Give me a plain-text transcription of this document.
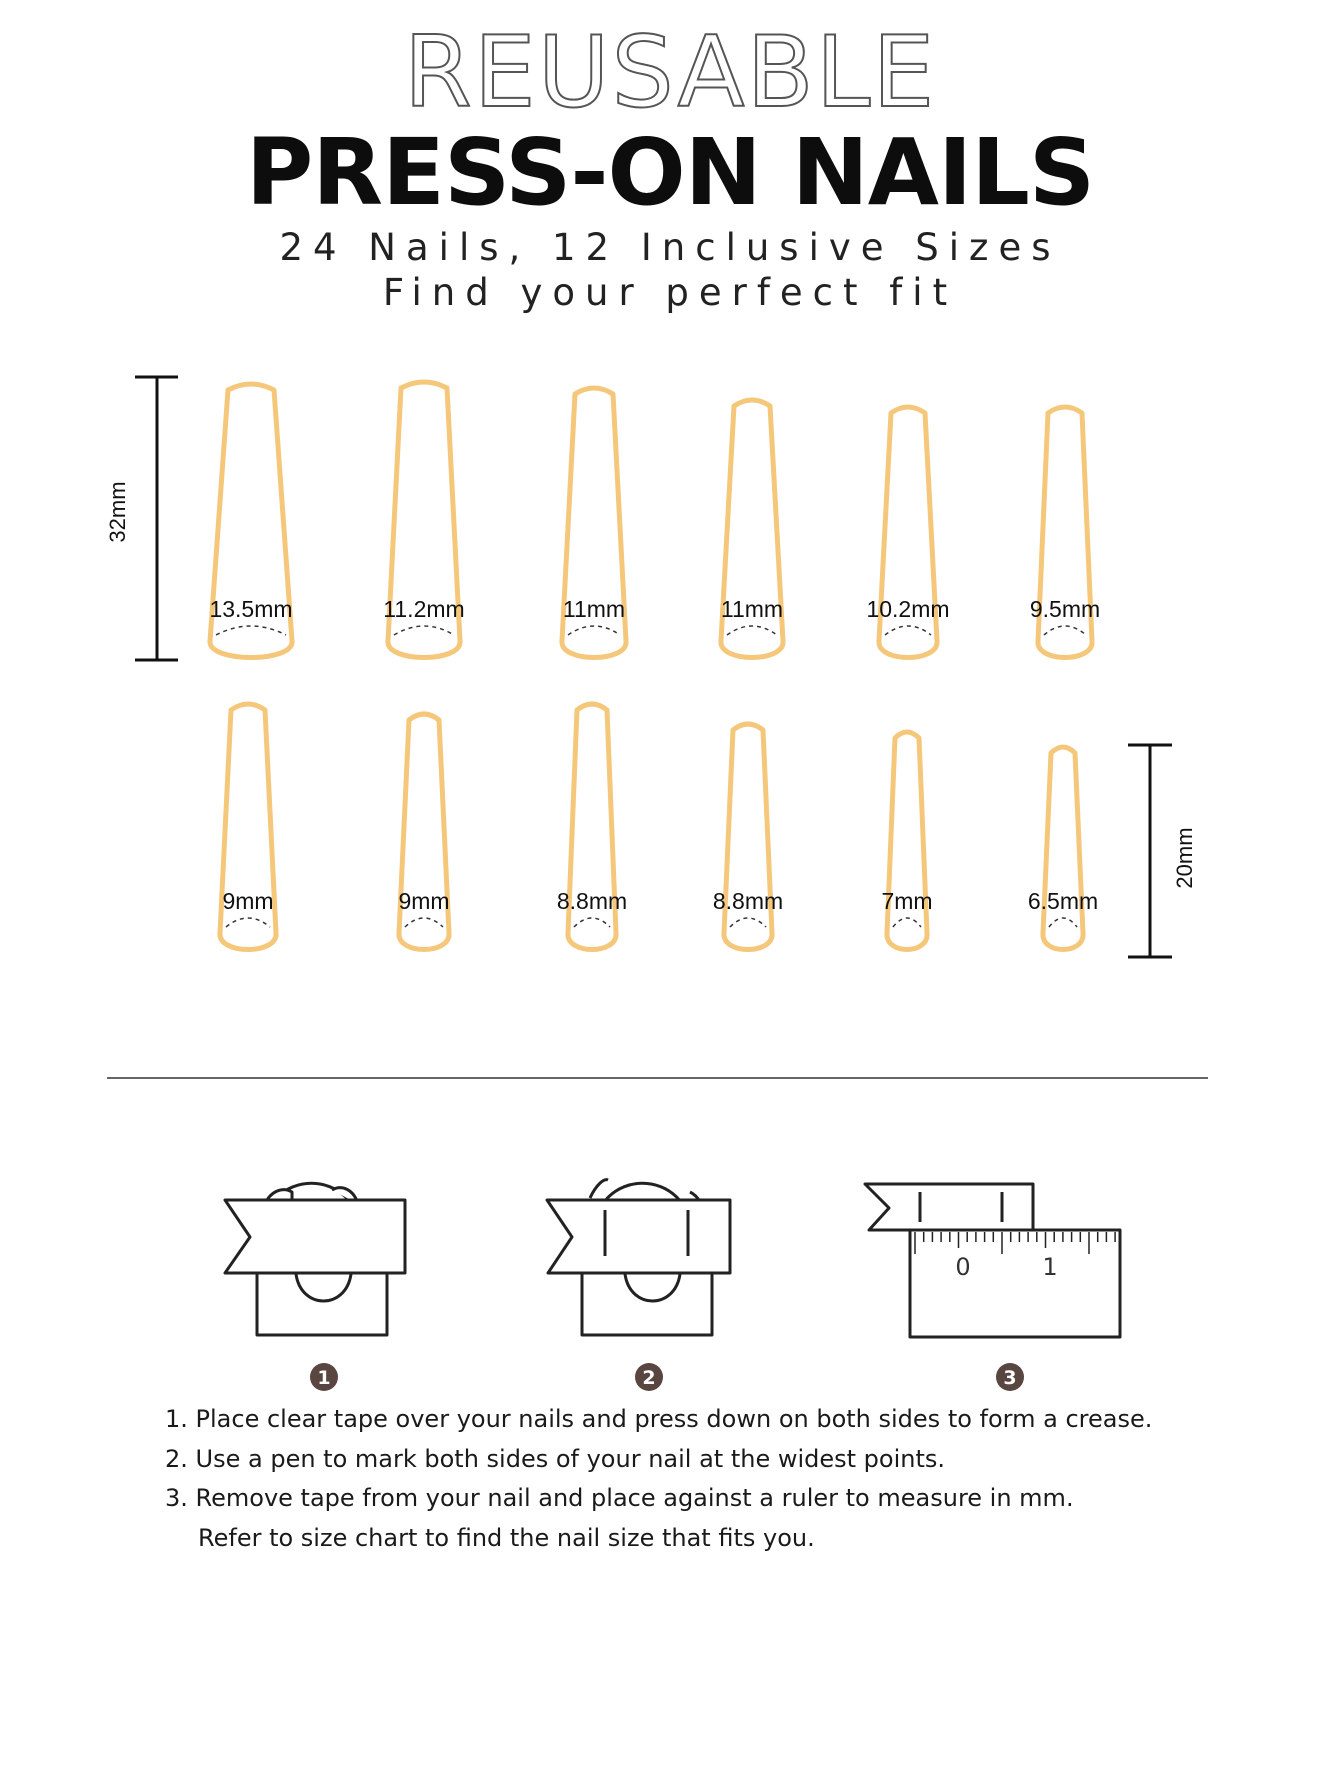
REUSABLE
PRESS-ON NAILS
24 Nails, 12 Inclusive Sizes
Find your perfect fit
32mm
20mm
13.5mm	11.2mm	11mm	11mm	10.2mm	9.5mm
9mm	9mm	8.8mm	8.8mm	7mm	6.5mm
0	1
1	2	3
1. Place clear tape over your nails and press down on both sides to form a crease.
2. Use a pen to mark both sides of your nail at the widest points.
3. Remove tape from your nail and place against a ruler to measure in mm.
Refer to size chart to find the nail size that fits you.
